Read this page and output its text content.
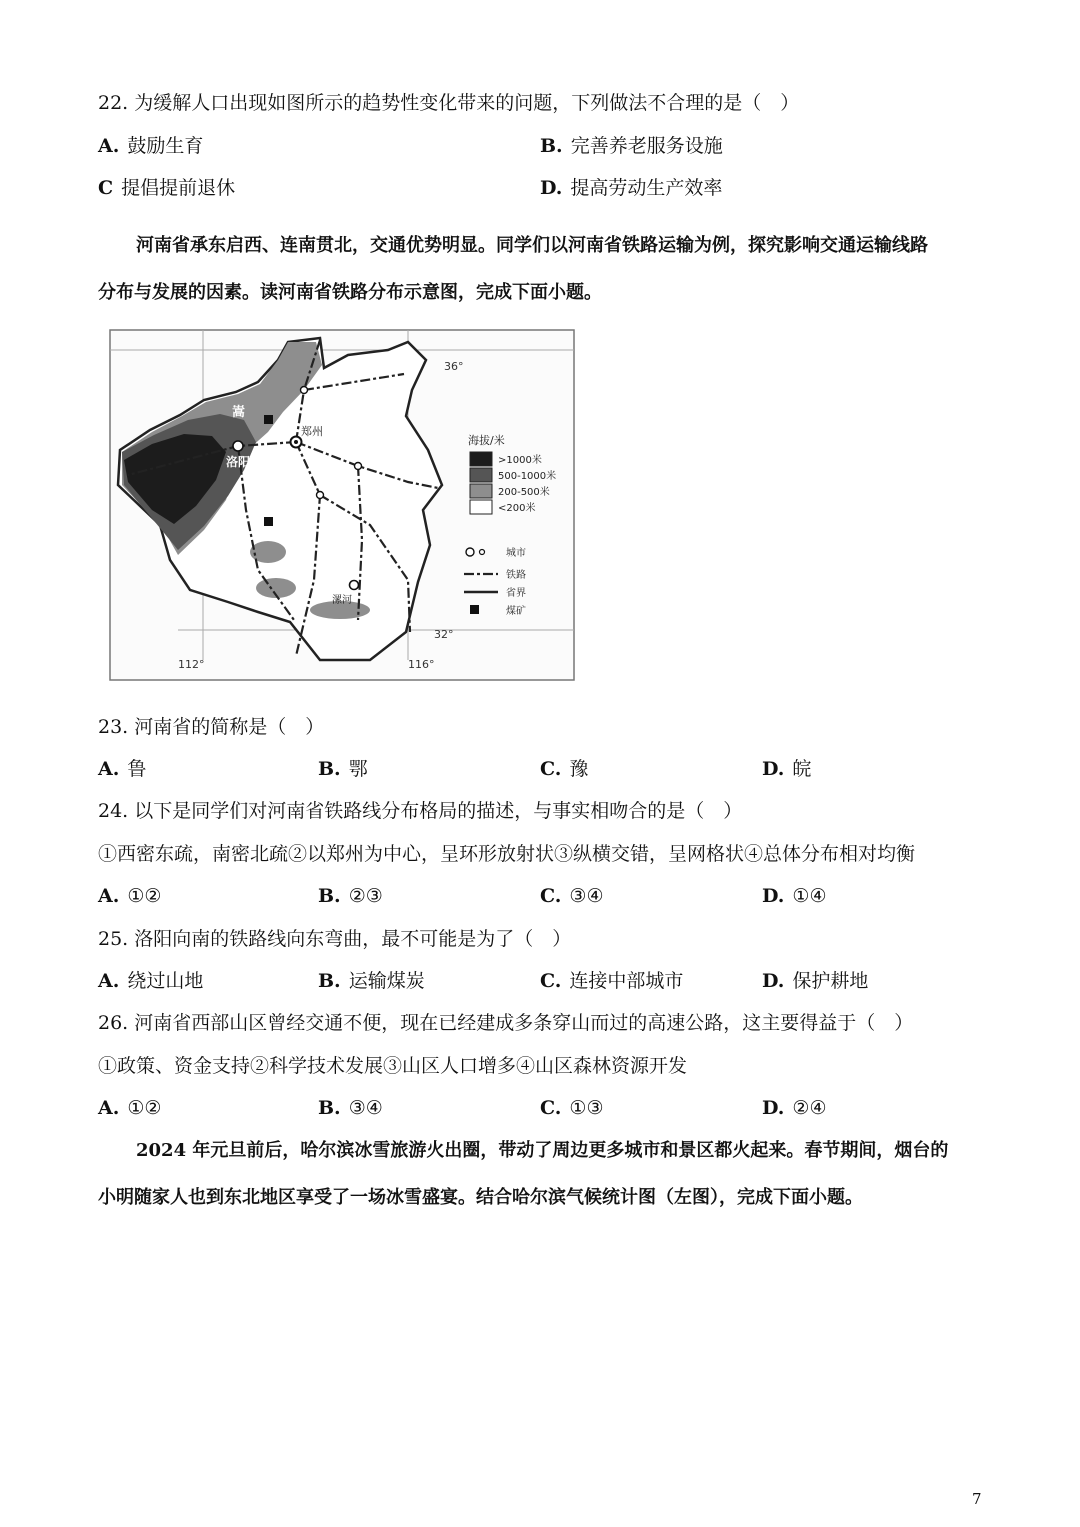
22. 为缓解人口出现如图所示的趋势性变化带来的问题，下列做法不合理的是（　）
A. 鼓励生育	B. 完善养老服务设施
C 提倡提前退休	D. 提高劳动生产效率
河南省承东启西、连南贯北，交通优势明显。同学们以河南省铁路运输为例，探究影响交通运输线路
分布与发展的因素。读河南省铁路分布示意图，完成下面小题。
嵩
郑州
洛阳
漯河
36°
32°
112°	116°
海拔/米
>1000米
500-1000米
200-500米
<200米
城市
铁路
省界
煤矿
23. 河南省的简称是（　）
A. 鲁	B. 鄂	C. 豫	D. 皖
24. 以下是同学们对河南省铁路线分布格局的描述，与事实相吻合的是（　）
①西密东疏，南密北疏②以郑州为中心，呈环形放射状③纵横交错，呈网格状④总体分布相对均衡
A. ①②	B. ②③	C. ③④	D. ①④
25. 洛阳向南的铁路线向东弯曲，最不可能是为了（　）
A. 绕过山地	B. 运输煤炭	C. 连接中部城市	D. 保护耕地
26. 河南省西部山区曾经交通不便，现在已经建成多条穿山而过的高速公路，这主要得益于（　）
①政策、资金支持②科学技术发展③山区人口增多④山区森林资源开发
A. ①②	B. ③④	C. ①③	D. ②④
2024 年元旦前后，哈尔滨冰雪旅游火出圈，带动了周边更多城市和景区都火起来。春节期间，烟台的
小明随家人也到东北地区享受了一场冰雪盛宴。结合哈尔滨气候统计图（左图），完成下面小题。
7
